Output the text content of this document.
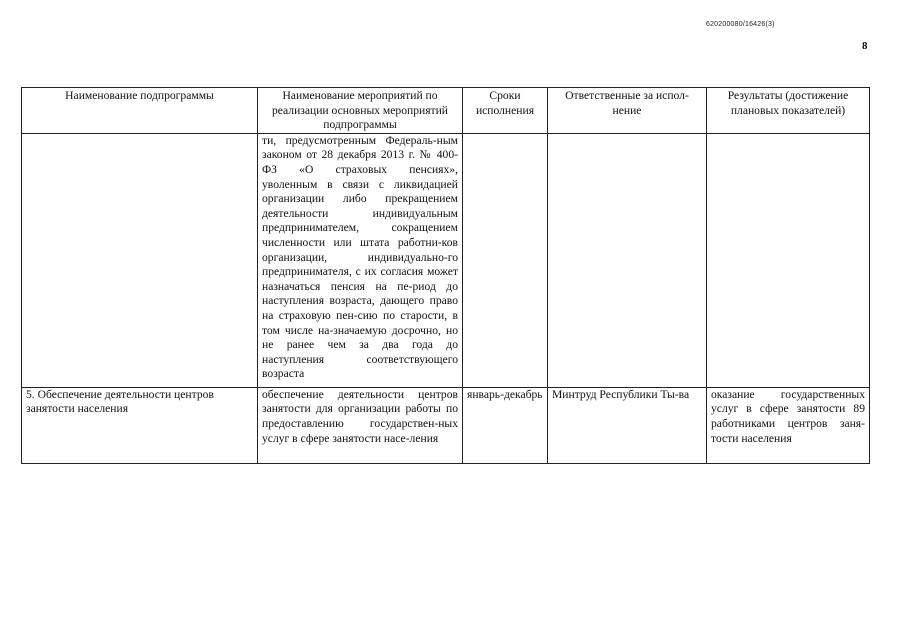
620200080/16426(3)
8
Наименование подпрограммы	Наименование мероприятий по реализации основных мероприятий подпрограммы	Сроки исполнения	Ответственные за испол-нение	Результаты (достижение плановых показателей)
	ти, предусмотренным Федераль-ным законом от 28 декабря 2013 г. № 400-ФЗ «О страховых пенсиях», уволенным в связи с ликвидацией организации либо прекращением деятельности индивидуальным предпринимателем, сокращением численности или штата работни-ков организации, индивидуально-го предпринимателя, с их согласия может назначаться пенсия на пе-риод до наступления возраста, дающего право на страховую пен-сию по старости, в том числе на-значаемую досрочно, но не ранее чем за два года до наступления соответствующего возраста			
5. Обеспечение деятельности центров занятости населения	обеспечение деятельности центров занятости для организации работы по предоставлению государствен-ных услуг в сфере занятости насе-ления	январь-декабрь	Минтруд Республики Ты-ва	оказание государственных услуг в сфере занятости 89 работниками центров заня-тости населения
